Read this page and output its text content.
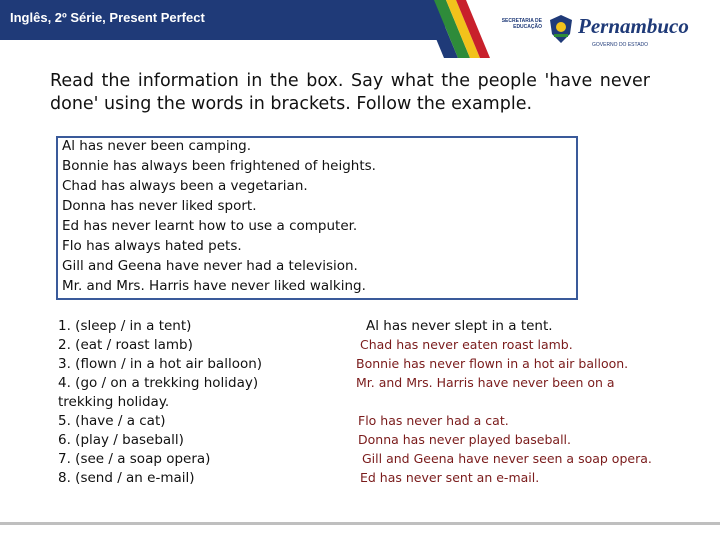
Inglês, 2º Série, Present Perfect	SECRETARIA DE EDUCAÇÃO Pernambuco
GOVERNO DO ESTADO
Read the information in the box. Say what the people 'have never done' using the words in brackets. Follow the example.
Al has never been camping.
Bonnie has always been frightened of heights.
Chad has always been a vegetarian.
Donna has never liked sport.
Ed has never learnt how to use a computer.
Flo has always hated pets.
Gill and Geena have never had a television.
Mr. and Mrs. Harris have never liked walking.
1. (sleep / in a tent)
2. (eat / roast lamb)
3. (flown / in a hot air balloon)
4. (go / on a trekking holiday)
trekking holiday.
5. (have / a cat)
6. (play / baseball)
7. (see / a soap opera)
8. (send / an e-mail)
Al has never slept in a tent.
Chad has never eaten roast lamb.
Bonnie has never flown in a hot air balloon.
Mr. and Mrs. Harris have never been on a
Flo has never had a cat.
Donna has never played baseball.
Gill and Geena have never seen a soap opera.
Ed has never sent an e-mail.
